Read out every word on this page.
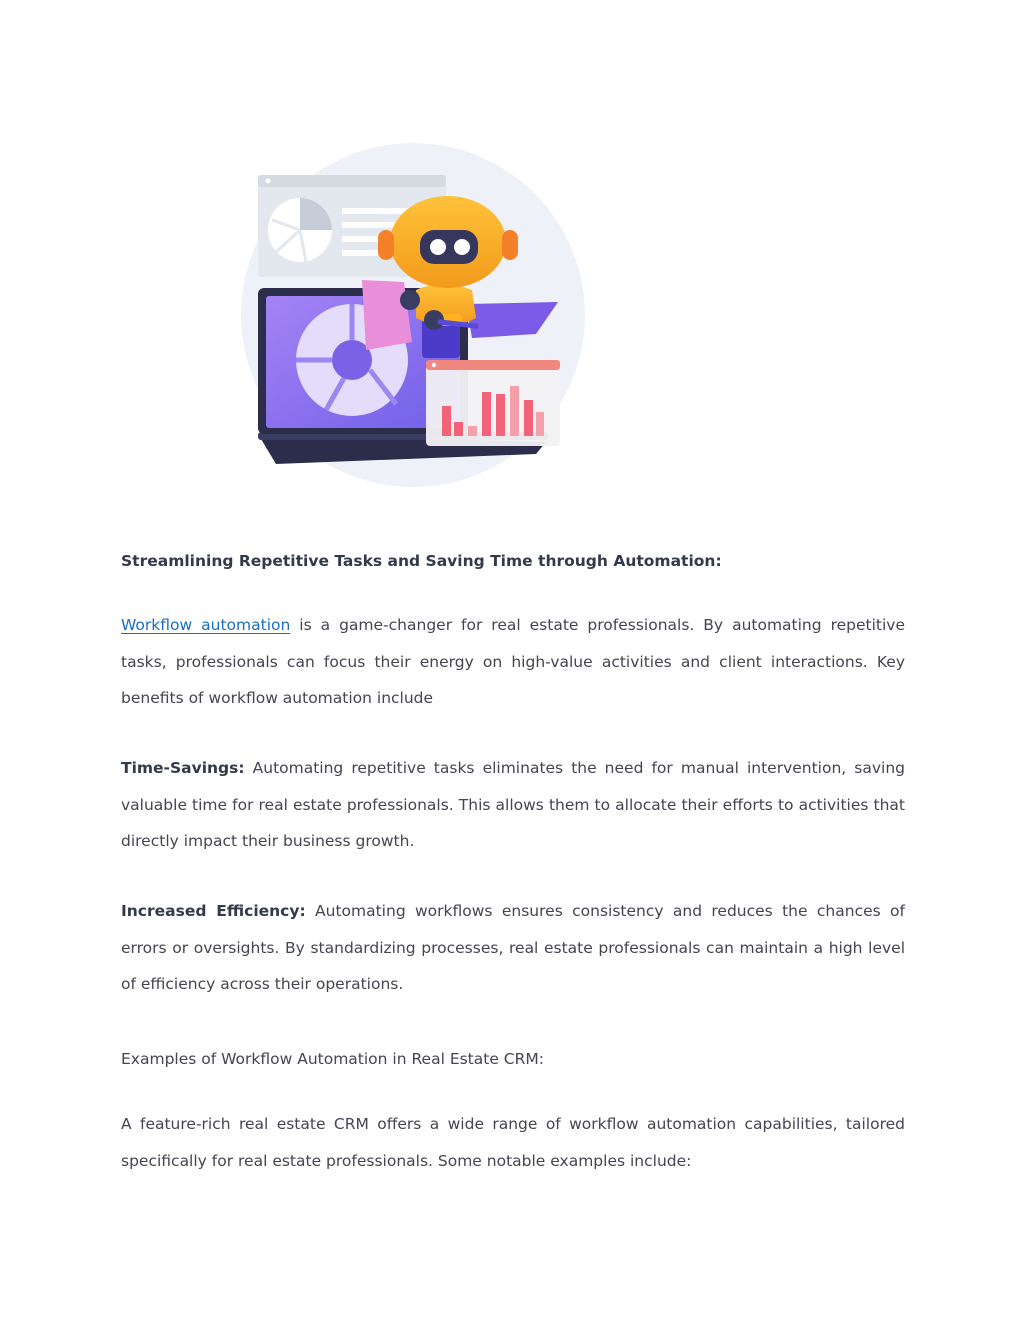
Streamlining Repetitive Tasks and Saving Time through Automation:

Workflow automation is a game-changer for real estate professionals. By automating repetitive tasks, professionals can focus their energy on high-value activities and client interactions. Key benefits of workflow automation include

Time-Savings: Automating repetitive tasks eliminates the need for manual intervention, saving valuable time for real estate professionals. This allows them to allocate their efforts to activities that directly impact their business growth.

Increased Efficiency: Automating workflows ensures consistency and reduces the chances of errors or oversights. By standardizing processes, real estate professionals can maintain a high level of efficiency across their operations.

Examples of Workflow Automation in Real Estate CRM:

A feature-rich real estate CRM offers a wide range of workflow automation capabilities, tailored specifically for real estate professionals. Some notable examples include:
